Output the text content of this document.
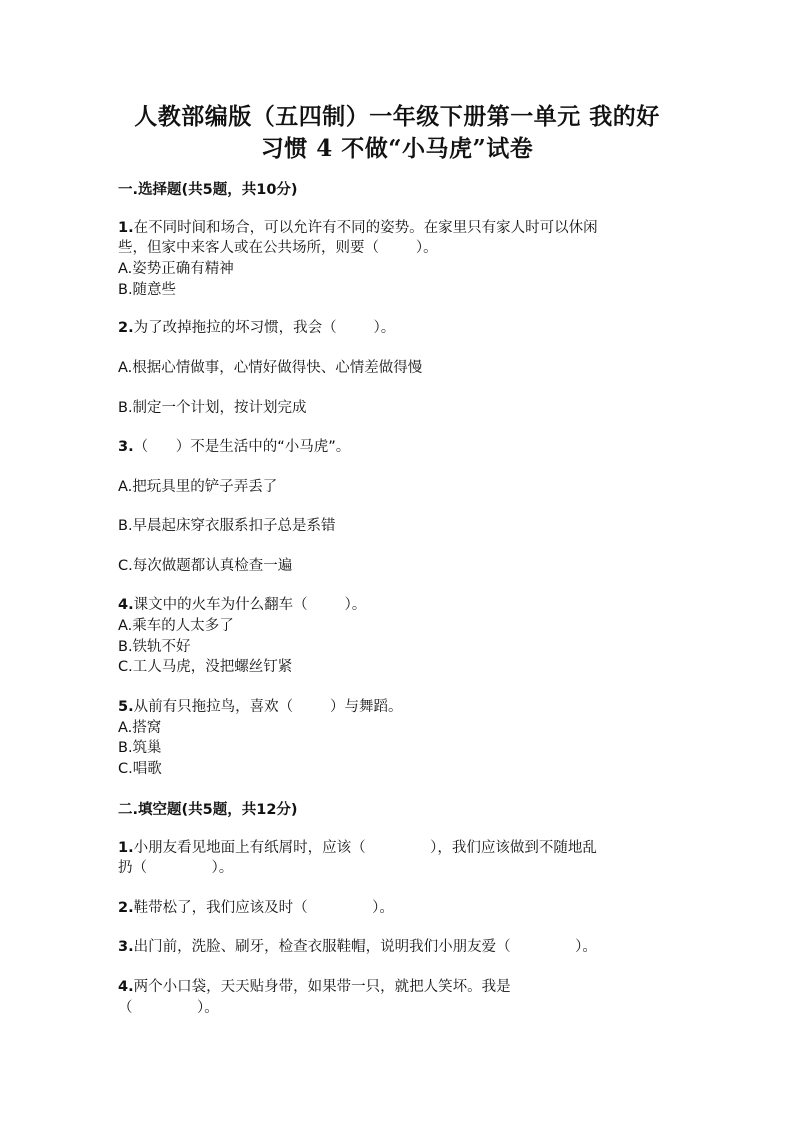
人教部编版（五四制）一年级下册第一单元 我的好
习惯 4 不做“小马虎”试卷
一.选择题(共5题，共10分)
1.在不同时间和场合，可以允许有不同的姿势。在家里只有家人时可以休闲
些，但家中来客人或在公共场所，则要（        ）。
A.姿势正确有精神
B.随意些
2.为了改掉拖拉的坏习惯，我会（        ）。
A.根据心情做事，心情好做得快、心情差做得慢
B.制定一个计划，按计划完成
3.（      ）不是生活中的“小马虎”。
A.把玩具里的铲子弄丢了
B.早晨起床穿衣服系扣子总是系错
C.每次做题都认真检查一遍
4.课文中的火车为什么翻车（        ）。
A.乘车的人太多了
B.铁轨不好
C.工人马虎，没把螺丝钉紧
5.从前有只拖拉鸟，喜欢（        ）与舞蹈。
A.搭窝
B.筑巢
C.唱歌
二.填空题(共5题，共12分)
1.小朋友看见地面上有纸屑时，应该（              ），我们应该做到不随地乱
扔（              ）。
2.鞋带松了，我们应该及时（              ）。
3.出门前，洗脸、刷牙，检查衣服鞋帽，说明我们小朋友爱（              ）。
4.两个小口袋，天天贴身带，如果带一只，就把人笑坏。我是
（              ）。
